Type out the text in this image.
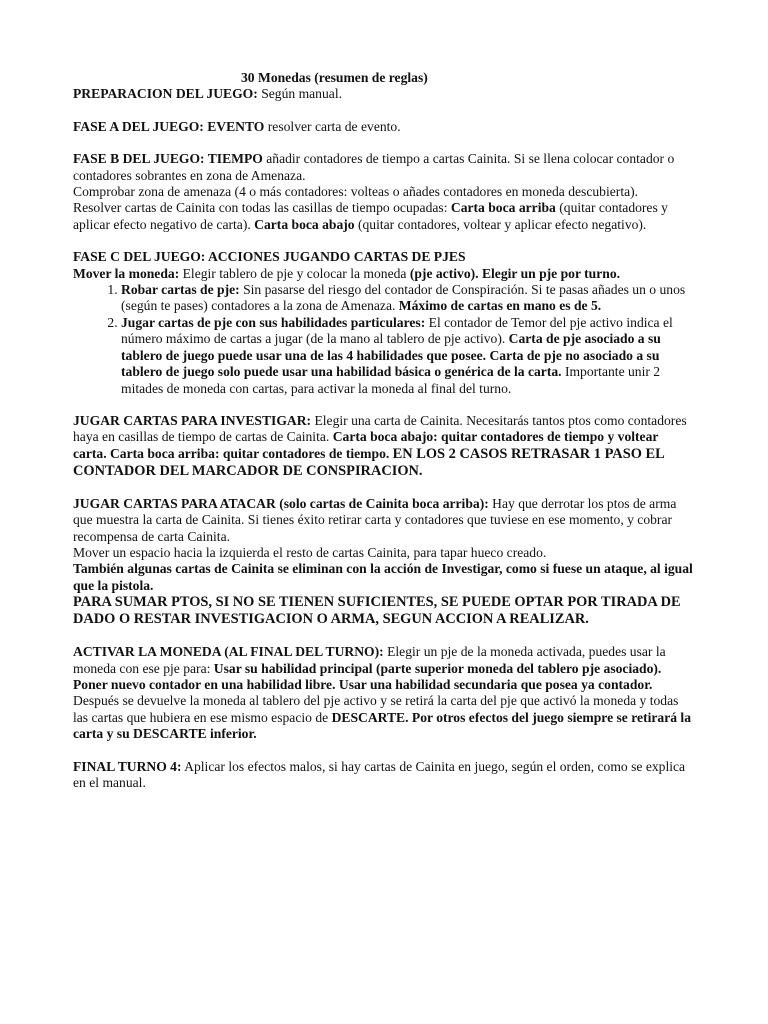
30 Monedas (resumen de reglas)

PREPARACION DEL JUEGO: Según manual.

FASE A DEL JUEGO: EVENTO resolver carta de evento.

FASE B DEL JUEGO: TIEMPO añadir contadores de tiempo a cartas Cainita. Si se llena colocar contador o contadores sobrantes en zona de Amenaza.

Comprobar zona de amenaza (4 o más contadores: volteas o añades contadores en moneda descubierta).

Resolver cartas de Cainita con todas las casillas de tiempo ocupadas: Carta boca arriba (quitar contadores y aplicar efecto negativo de carta). Carta boca abajo (quitar contadores, voltear y aplicar efecto negativo).

FASE C DEL JUEGO: ACCIONES JUGANDO CARTAS DE PJES

Mover la moneda: Elegir tablero de pje y colocar la moneda (pje activo). Elegir un pje por turno.

1. Robar cartas de pje: Sin pasarse del riesgo del contador de Conspiración. Si te pasas añades un o unos (según te pases) contadores a la zona de Amenaza. Máximo de cartas en mano es de 5.
2. Jugar cartas de pje con sus habilidades particulares: El contador de Temor del pje activo indica el número máximo de cartas a jugar (de la mano al tablero de pje activo). Carta de pje asociado a su tablero de juego puede usar una de las 4 habilidades que posee. Carta de pje no asociado a su tablero de juego solo puede usar una habilidad básica o genérica de la carta. Importante unir 2 mitades de moneda con cartas, para activar la moneda al final del turno.

JUGAR CARTAS PARA INVESTIGAR: Elegir una carta de Cainita. Necesitarás tantos ptos como contadores haya en casillas de tiempo de cartas de Cainita. Carta boca abajo: quitar contadores de tiempo y voltear carta. Carta boca arriba: quitar contadores de tiempo. EN LOS 2 CASOS RETRASAR 1 PASO EL CONTADOR DEL MARCADOR DE CONSPIRACION.

JUGAR CARTAS PARA ATACAR (solo cartas de Cainita boca arriba): Hay que derrotar los ptos de arma que muestra la carta de Cainita. Si tienes éxito retirar carta y contadores que tuviese en ese momento, y cobrar recompensa de carta Cainita.

Mover un espacio hacia la izquierda el resto de cartas Cainita, para tapar hueco creado.

También algunas cartas de Cainita se eliminan con la acción de Investigar, como si fuese un ataque, al igual que la pistola.

PARA SUMAR PTOS, SI NO SE TIENEN SUFICIENTES, SE PUEDE OPTAR POR TIRADA DE DADO O RESTAR INVESTIGACION O ARMA, SEGUN ACCION A REALIZAR.

ACTIVAR LA MONEDA (AL FINAL DEL TURNO): Elegir un pje de la moneda activada, puedes usar la moneda con ese pje para: Usar su habilidad principal (parte superior moneda del tablero pje asociado). Poner nuevo contador en una habilidad libre. Usar una habilidad secundaria que posea ya contador.

Después se devuelve la moneda al tablero del pje activo y se retirá la carta del pje que activó la moneda y todas las cartas que hubiera en ese mismo espacio de DESCARTE. Por otros efectos del juego siempre se retirará la carta y su DESCARTE inferior.

FINAL TURNO 4: Aplicar los efectos malos, si hay cartas de Cainita en juego, según el orden, como se explica en el manual.
